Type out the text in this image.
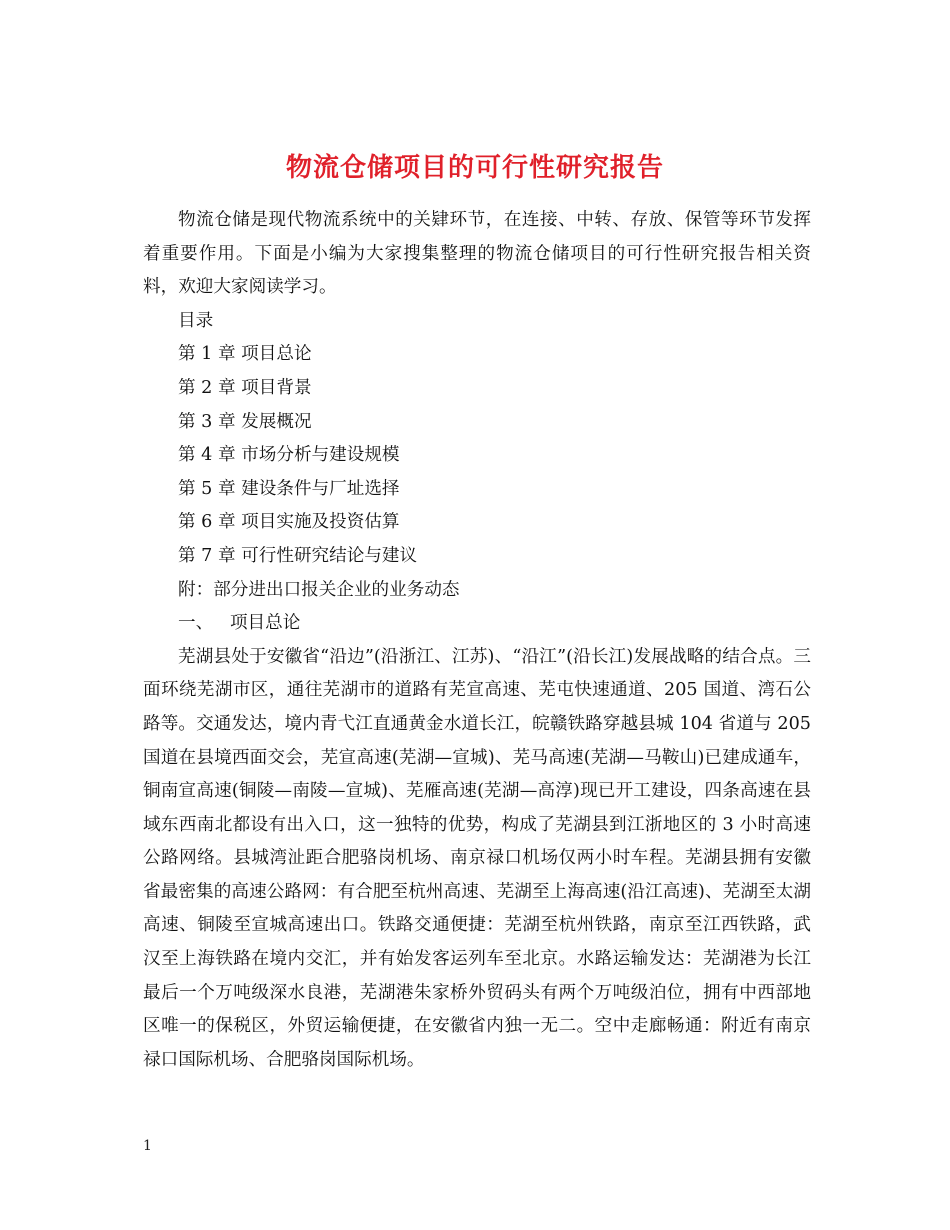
物流仓储项目的可行性研究报告

物流仓储是现代物流系统中的关肄环节，在连接、中转、存放、保管等环节发挥着重要作用。下面是小编为大家搜集整理的物流仓储项目的可行性研究报告相关资料，欢迎大家阅读学习。

目录

第 1 章 项目总论

第 2 章 项目背景

第 3 章 发展概况

第 4 章 市场分析与建设规模

第 5 章 建设条件与厂址选择

第 6 章 项目实施及投资估算

第 7 章 可行性研究结论与建议

附：部分进出口报关企业的业务动态

一、   项目总论

芜湖县处于安徽省“沿边”(沿浙江、江苏)、“沿江”(沿长江)发展战略的结合点。三面环绕芜湖市区，通往芜湖市的道路有芜宣高速、芜屯快速通道、205 国道、湾石公路等。交通发达，境内青弋江直通黄金水道长江，皖赣铁路穿越县城 104 省道与 205 国道在县境西面交会，芜宣高速(芜湖—宣城)、芜马高速(芜湖—马鞍山)已建成通车，铜南宣高速(铜陵—南陵—宣城)、芜雁高速(芜湖—高淳)现已开工建设，四条高速在县域东西南北都设有出入口，这一独特的优势，构成了芜湖县到江浙地区的 3 小时高速公路网络。县城湾沚距合肥骆岗机场、南京禄口机场仅两小时车程。芜湖县拥有安徽省最密集的高速公路网：有合肥至杭州高速、芜湖至上海高速(沿江高速)、芜湖至太湖高速、铜陵至宣城高速出口。铁路交通便捷：芜湖至杭州铁路，南京至江西铁路，武汉至上海铁路在境内交汇，并有始发客运列车至北京。水路运输发达：芜湖港为长江最后一个万吨级深水良港，芜湖港朱家桥外贸码头有两个万吨级泊位，拥有中西部地区唯一的保税区，外贸运输便捷，在安徽省内独一无二。空中走廊畅通：附近有南京禄口国际机场、合肥骆岗国际机场。

1
